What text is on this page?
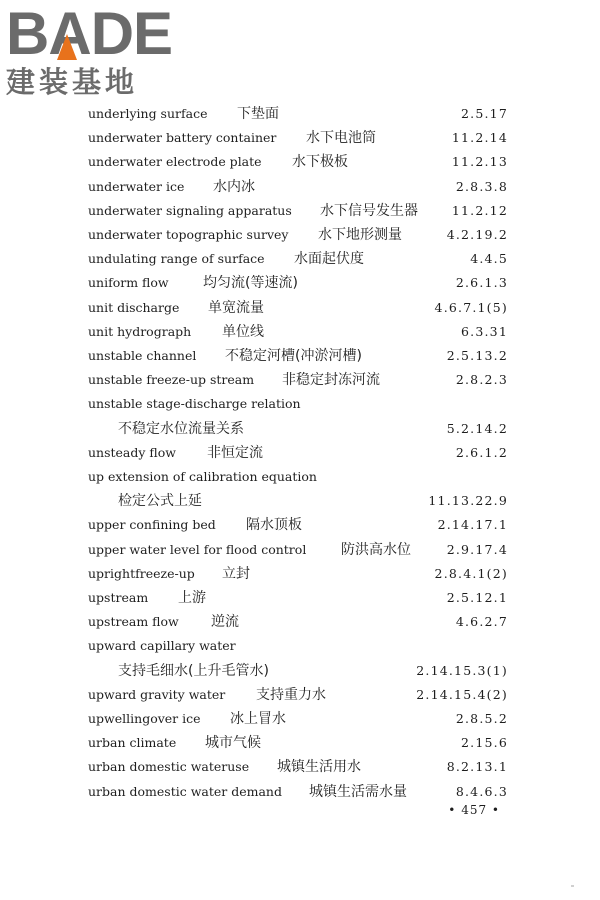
BA
DE
建装基地
underlying surface 下垫面	2.5.17
underwater battery container 水下电池筒	11.2.14
underwater electrode plate 水下极板	11.2.13
underwater ice 水内冰	2.8.3.8
underwater signaling apparatus 水下信号发生器	11.2.12
underwater topographic survey 水下地形测量	4.2.19.2
undulating range of surface 水面起伏度	4.4.5
uniform flow 均匀流(等速流)	2.6.1.3
unit discharge 单宽流量	4.6.7.1(5)
unit hydrograph 单位线	6.3.31
unstable channel 不稳定河槽(冲淤河槽)	2.5.13.2
unstable freeze-up stream 非稳定封冻河流	2.8.2.3
unstable stage-discharge relation
不稳定水位流量关系	5.2.14.2
unsteady flow 非恒定流	2.6.1.2
up extension of calibration equation
检定公式上延	11.13.22.9
upper confining bed 隔水顶板	2.14.17.1
upper water level for flood control 防洪高水位	2.9.17.4
uprightfreeze-up 立封	2.8.4.1(2)
upstream 上游	2.5.12.1
upstream flow 逆流	4.6.2.7
upward capillary water
支持毛细水(上升毛管水)	2.14.15.3(1)
upward gravity water 支持重力水	2.14.15.4(2)
upwellingover ice 冰上冒水	2.8.5.2
urban climate 城市气候	2.15.6
urban domestic wateruse 城镇生活用水	8.2.13.1
urban domestic water demand 城镇生活需水量	8.4.6.3
• 457 •
